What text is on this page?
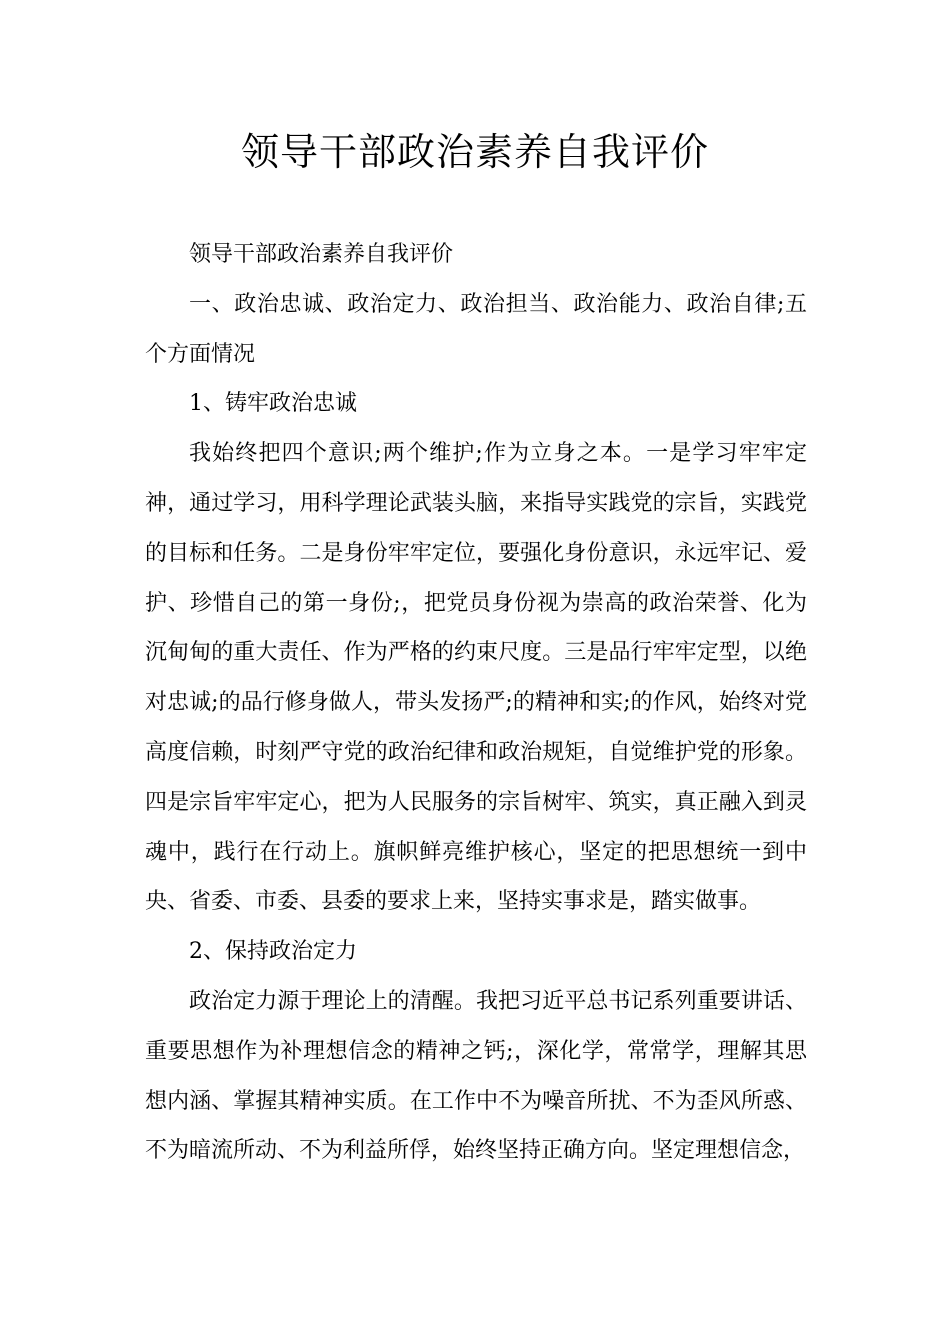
领导干部政治素养自我评价

领导干部政治素养自我评价

一、政治忠诚、政治定力、政治担当、政治能力、政治自律;五个方面情况

1、铸牢政治忠诚

我始终把四个意识;两个维护;作为立身之本。一是学习牢牢定神，通过学习，用科学理论武装头脑，来指导实践党的宗旨，实践党的目标和任务。二是身份牢牢定位，要强化身份意识，永远牢记、爱护、珍惜自己的第一身份;，把党员身份视为崇高的政治荣誉、化为沉甸甸的重大责任、作为严格的约束尺度。三是品行牢牢定型，以绝对忠诚;的品行修身做人，带头发扬严;的精神和实;的作风，始终对党高度信赖，时刻严守党的政治纪律和政治规矩，自觉维护党的形象。四是宗旨牢牢定心，把为人民服务的宗旨树牢、筑实，真正融入到灵魂中，践行在行动上。旗帜鲜亮维护核心，坚定的把思想统一到中央、省委、市委、县委的要求上来，坚持实事求是，踏实做事。

2、保持政治定力

政治定力源于理论上的清醒。我把习近平总书记系列重要讲话、重要思想作为补理想信念的精神之钙;，深化学，常常学，理解其思想内涵、掌握其精神实质。在工作中不为噪音所扰、不为歪风所惑、不为暗流所动、不为利益所俘，始终坚持正确方向。坚定理想信念，
